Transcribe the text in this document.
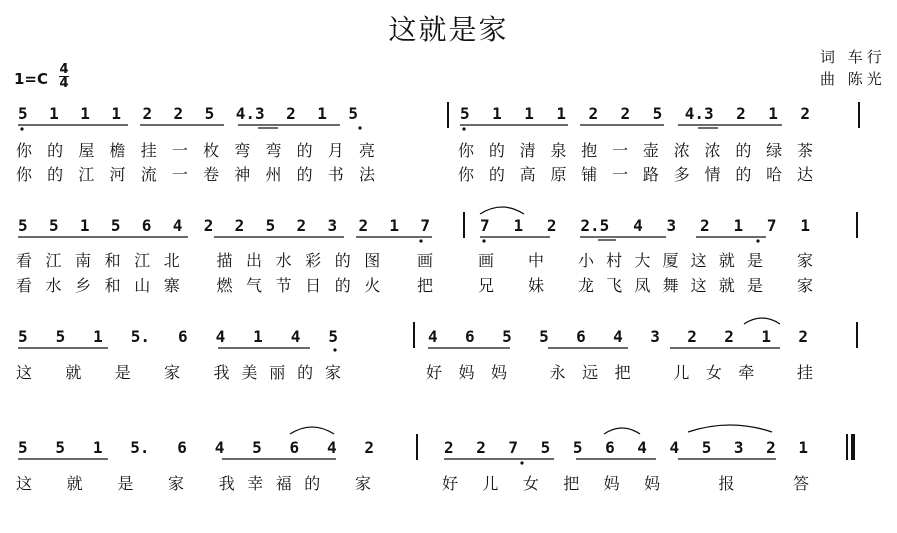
这就是家
词 车行
曲 陈光
1=C
4
4
5 1 1 1 2 2 5 4.3 2 1 5	5 1 1 1 2 2 5 4.3 2 1 2
你的屋檐挂一枚弯弯的月亮	你的清泉抱一壶浓浓的绿茶
你的江河流一卷神州的书法	你的高原铺一路多情的哈达
5 5 1 5 6 4 2 2 5 2 3 2 1 7	7 1 2 2.5 4 3 2 1 7 1
看江南和江北 描出水彩的图 画	画 中 小村大厦这就是 家
看水乡和山寨 燃气节日的火 把	兄 妹 龙飞凤舞这就是 家
5 5 1 5. 6 4 1 4 5	4 6 5 5 6 4 3 2 2 1 2
这 就 是 家 我美丽的家	好妈妈 永远把 儿女牵 挂
5 5 1 5. 6 4 5 6 4 2	2 2 7 5 5 6 4 4 5 3 2 1
这 就 是 家 我幸福的 家	好儿女把妈妈 报 答
